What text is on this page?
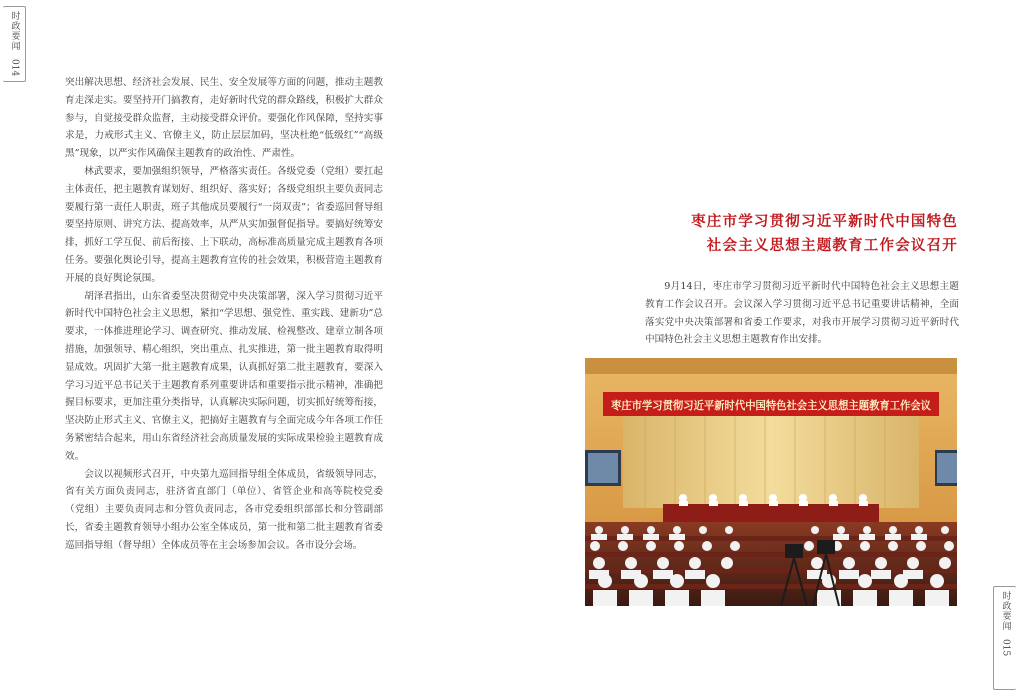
时政要闻
014

突出解决思想、经济社会发展、民生、安全发展等方面的问题，推动主题教育走深走实。要坚持开门搞教育，走好新时代党的群众路线，积极扩大群众参与，自觉接受群众监督，主动接受群众评价。要强化作风保障，坚持实事求是，力戒形式主义、官僚主义，防止层层加码，坚决杜绝“低级红”“高级黑”现象，以严实作风确保主题教育的政治性、严肃性。

林武要求，要加强组织领导，严格落实责任。各级党委（党组）要扛起主体责任，把主题教育谋划好、组织好、落实好；各级党组织主要负责同志要履行第一责任人职责，班子其他成员要履行“一岗双责”；省委巡回督导组要坚持原则、讲究方法、提高效率，从严从实加强督促指导。要搞好统筹安排，抓好工学互促、前后衔接、上下联动，高标准高质量完成主题教育各项任务。要强化舆论引导，提高主题教育宣传的社会效果，积极营造主题教育开展的良好舆论氛围。

胡泽君指出，山东省委坚决贯彻党中央决策部署，深入学习贯彻习近平新时代中国特色社会主义思想，紧扣“学思想、强党性、重实践、建新功”总要求，一体推进理论学习、调查研究、推动发展、检视整改、建章立制各项措施，加强领导、精心组织，突出重点、扎实推进，第一批主题教育取得明显成效。巩固扩大第一批主题教育成果，认真抓好第二批主题教育，要深入学习习近平总书记关于主题教育系列重要讲话和重要指示批示精神，准确把握目标要求，更加注重分类指导，认真解决实际问题，切实抓好统筹衔接，坚决防止形式主义、官僚主义，把搞好主题教育与全面完成今年各项工作任务紧密结合起来，用山东省经济社会高质量发展的实际成果检验主题教育成效。

会议以视频形式召开，中央第九巡回指导组全体成员，省级领导同志，省有关方面负责同志，驻济省直部门（单位）、省管企业和高等院校党委（党组）主要负责同志和分管负责同志，各市党委组织部部长和分管副部长，省委主题教育领导小组办公室全体成员，第一批和第二批主题教育省委巡回指导组（督导组）全体成员等在主会场参加会议。各市设分会场。

枣庄市学习贯彻习近平新时代中国特色
社会主义思想主题教育工作会议召开

9月14日，枣庄市学习贯彻习近平新时代中国特色社会主义思想主题教育工作会议召开。会议深入学习贯彻习近平总书记重要讲话精神，全面落实党中央决策部署和省委工作要求，对我市开展学习贯彻习近平新时代中国特色社会主义思想主题教育作出安排。

枣庄市学习贯彻习近平新时代中国特色社会主义思想主题教育工作会议
时政要闻
015
